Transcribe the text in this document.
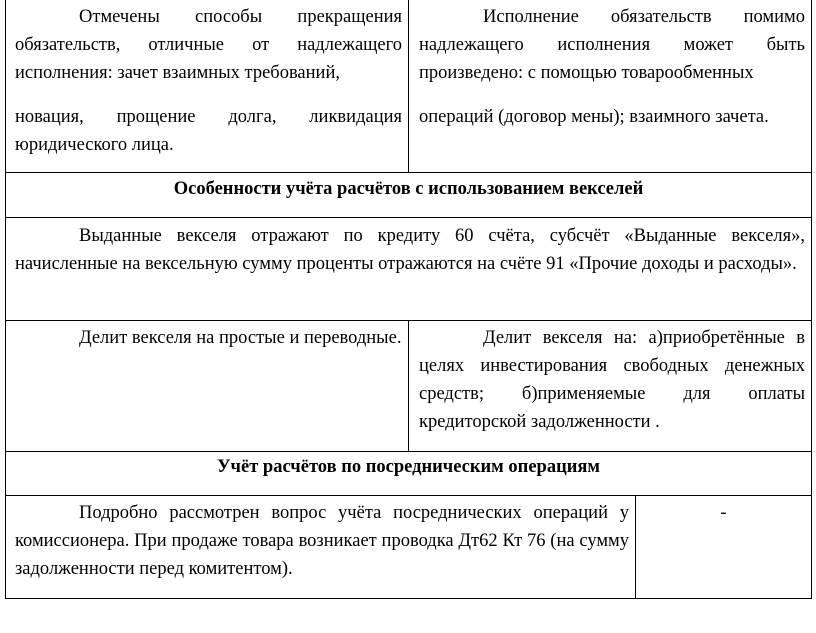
Отмечены способы прекращения обязательств, отличные от надлежащего исполнения: зачет взаимных требований,

новация, прощение долга, ликвидация юридического лица.

Исполнение обязательств помимо надлежащего исполнения может быть произведено: с помощью товарообменных

операций (договор мены); взаимного зачета.

Особенности учёта расчётов с использованием векселей

Выданные векселя отражают по кредиту 60 счёта, субсчёт «Выданные векселя», начисленные на вексельную сумму проценты отражаются на счёте 91 «Прочие доходы и расходы».

Делит векселя на простые и переводные.	Делит векселя на: а)приобретённые в целях инвестирования свободных денежных средств; б)применяемые для оплаты кредиторской задолженности .

Учёт расчётов по посредническим операциям

Подробно рассмотрен вопрос учёта посреднических операций у комиссионера. При продаже товара возникает проводка Дт62 Кт 76 (на сумму задолженности перед комитентом).

-
